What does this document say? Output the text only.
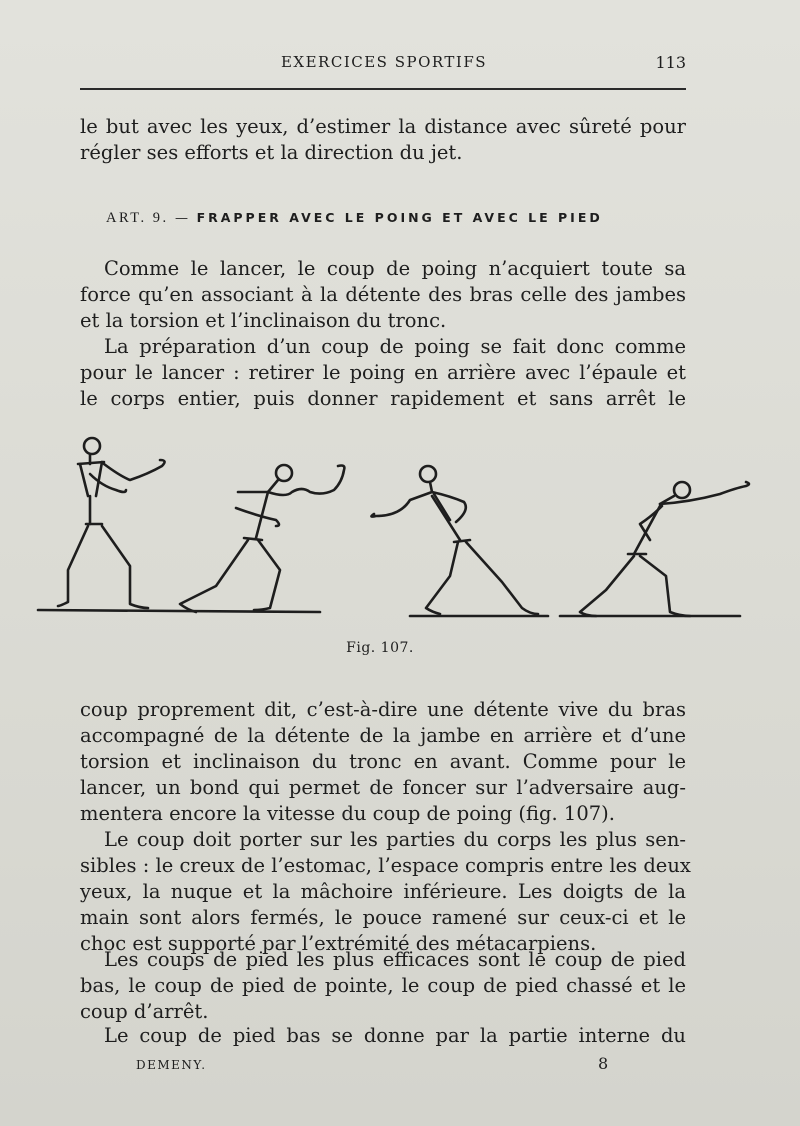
EXERCICES SPORTIFS	113
le but avec les yeux, d’estimer la distance avec sûreté pour
régler ses efforts et la direction du jet.
ART. 9. — FRAPPER AVEC LE POING ET AVEC LE PIED
Comme le lancer, le coup de poing n’acquiert toute sa
force qu’en associant à la détente des bras celle des jambes
et la torsion et l’inclinaison du tronc.
La préparation d’un coup de poing se fait donc comme
pour le lancer : retirer le poing en arrière avec l’épaule et
le corps entier, puis donner rapidement et sans arrêt le
Fig. 107.
coup proprement dit, c’est-à-dire une détente vive du bras
accompagné de la détente de la jambe en arrière et d’une
torsion et inclinaison du tronc en avant. Comme pour le
lancer, un bond qui permet de foncer sur l’adversaire aug-
mentera encore la vitesse du coup de poing (fig. 107).
Le coup doit porter sur les parties du corps les plus sen-
sibles : le creux de l’estomac, l’espace compris entre les deux
yeux, la nuque et la mâchoire inférieure. Les doigts de la
main sont alors fermés, le pouce ramené sur ceux-ci et le
choc est supporté par l’extrémité des métacarpiens.
Les coups de pied les plus efficaces sont le coup de pied
bas, le coup de pied de pointe, le coup de pied chassé et le
coup d’arrêt.
Le coup de pied bas se donne par la partie interne du
DEMENY.	8
